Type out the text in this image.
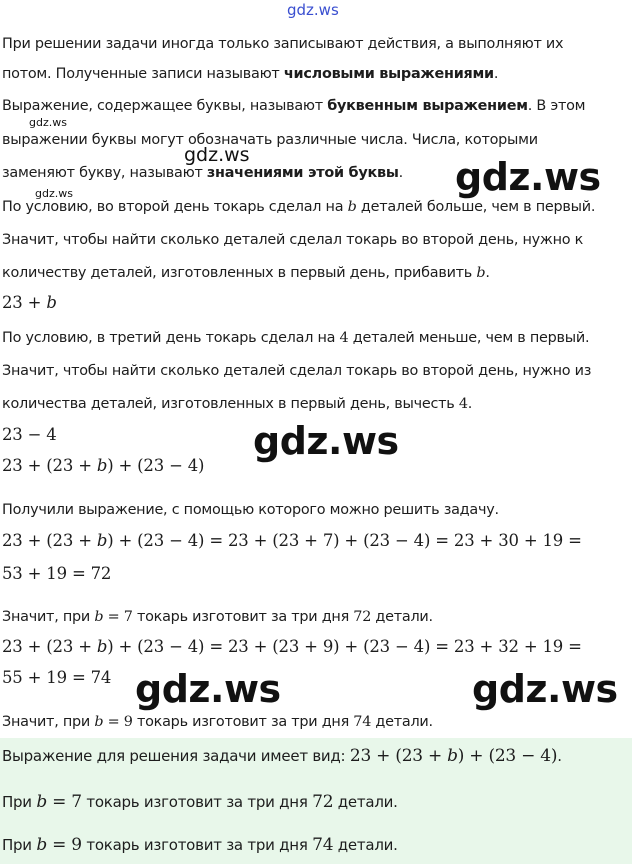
При решении задачи иногда только записывают действия, а выполняют их

потом. Полученные записи называют числовыми выражениями.

Выражение, содержащее буквы, называют буквенным выражением. В этом

выражении буквы могут обозначать различные числа. Числа, которыми

заменяют букву, называют значениями этой буквы.

По условию, во второй день токарь сделал на b деталей больше, чем в первый.

Значит, чтобы найти сколько деталей сделал токарь во второй день, нужно к

количеству деталей, изготовленных в первый день, прибавить b.

23 + b

По условию, в третий день токарь сделал на 4 деталей меньше, чем в первый.

Значит, чтобы найти сколько деталей сделал токарь во второй день, нужно из

количества деталей, изготовленных в первый день, вычесть 4.

23 − 4

23 + (23 + b) + (23 − 4)

Получили выражение, с помощью которого можно решить задачу.

23 + (23 + b) + (23 − 4) = 23 + (23 + 7) + (23 − 4) = 23 + 30 + 19 =

53 + 19 = 72

Значит, при b = 7 токарь изготовит за три дня 72 детали.

23 + (23 + b) + (23 − 4) = 23 + (23 + 9) + (23 − 4) = 23 + 32 + 19 =

55 + 19 = 74

Значит, при b = 9 токарь изготовит за три дня 74 детали.

Выражение для решения задачи имеет вид: 23 + (23 + b) + (23 − 4).

При b = 7 токарь изготовит за три дня 72 детали.

При b = 9 токарь изготовит за три дня 74 детали.

gdz.ws
gdz.ws
gdz.ws
gdz.ws	gdz.ws
gdz.ws
gdz.ws	gdz.ws
